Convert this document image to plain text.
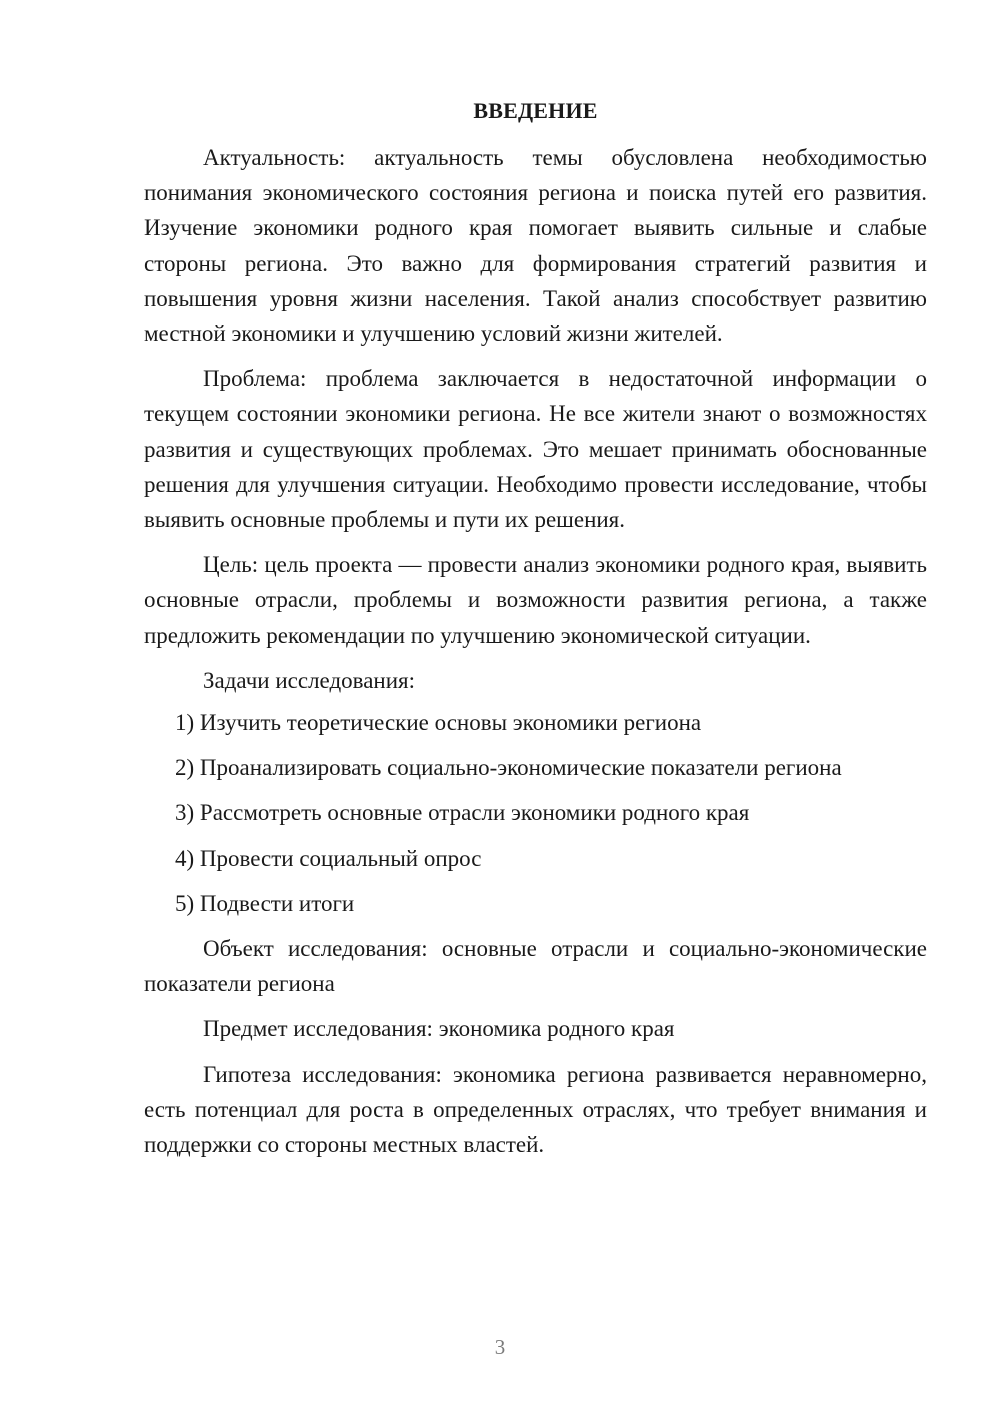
ВВЕДЕНИЕ

Актуальность: актуальность темы обусловлена необходимостью понимания экономического состояния региона и поиска путей его развития. Изучение экономики родного края помогает выявить сильные и слабые стороны региона. Это важно для формирования стратегий развития и повышения уровня жизни населения. Такой анализ способствует развитию местной экономики и улучшению условий жизни жителей.

Проблема: проблема заключается в недостаточной информации о текущем состоянии экономики региона. Не все жители знают о возможностях развития и существующих проблемах. Это мешает принимать обоснованные решения для улучшения ситуации. Необходимо провести исследование, чтобы выявить основные проблемы и пути их решения.

Цель: цель проекта — провести анализ экономики родного края, выявить основные отрасли, проблемы и возможности развития региона, а также предложить рекомендации по улучшению экономической ситуации.

Задачи исследования:
1) Изучить теоретические основы экономики региона
2) Проанализировать социально-экономические показатели региона
3) Рассмотреть основные отрасли экономики родного края
4) Провести социальный опрос
5) Подвести итоги

Объект исследования: основные отрасли и социально-экономические показатели региона

Предмет исследования: экономика родного края

Гипотеза исследования: экономика региона развивается неравномерно, есть потенциал для роста в определенных отраслях, что требует внимания и поддержки со стороны местных властей.

3
